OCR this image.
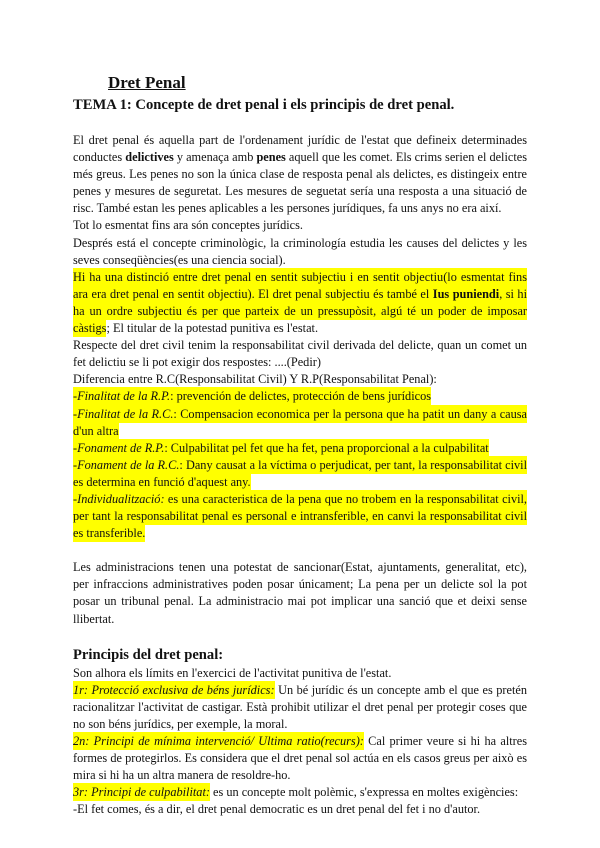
Dret Penal
TEMA 1: Concepte de dret penal i els principis de dret penal.

El dret penal és aquella part de l'ordenament jurídic de l'estat que defineix determinades conductes delictives y amenaça amb penes aquell que les comet. Els crims serien el delictes més greus. Les penes no son la única clase de resposta penal als delictes, es distingeix entre penes y mesures de seguretat. Les mesures de seguetat sería una resposta a una situació de risc. També estan les penes aplicables a les persones jurídiques, fa uns anys no era així.

Tot lo esmentat fins ara són conceptes jurídics.

Després está el concepte criminològic, la criminología estudia les causes del delictes y les seves conseqüències(es una ciencia social).

Hi ha una distinció entre dret penal en sentit subjectiu i en sentit objectiu(lo esmentat fins ara era dret penal en sentit objectiu). El dret penal subjectiu és també el Ius puniendi, si hi ha un ordre subjectiu és per que parteix de un pressupòsit, algú té un poder de imposar càstigs; El titular de la potestad punitiva es l'estat.

Respecte del dret civil tenim la responsabilitat civil derivada del delicte, quan un comet un fet delictiu se li pot exigir dos respostes: ....(Pedir)

Diferencia entre R.C(Responsabilitat Civil) Y R.P(Responsabilitat Penal):

-Finalitat de la R.P.: prevención de delictes, protección de bens jurídicos

-Finalitat de la R.C.: Compensacion economica per la persona que ha patit un dany a causa d'un altra

-Fonament de R.P.: Culpabilitat pel fet que ha fet, pena proporcional a la culpabilitat

-Fonament de la R.C.: Dany causat a la víctima o perjudicat, per tant, la responsabilitat civil es determina en funció d'aquest any.

-Individualització: es una caracteristica de la pena que no trobem en la responsabilitat civil, per tant la responsabilitat penal es personal e intransferible, en canvi la responsabilitat civil es transferible.

Les administracions tenen una potestat de sancionar(Estat, ajuntaments, generalitat, etc), per infraccions administratives poden posar únicament; La pena per un delicte sol la pot posar un tribunal penal. La administracio mai pot implicar una sanció que et deixi sense llibertat.

Principis del dret penal:

Son alhora els límits en l'exercici de l'activitat punitiva de l'estat.

1r: Protecció exclusiva de béns jurídics: Un bé jurídic és un concepte amb el que es pretén racionalitzar l'activitat de castigar. Està prohibit utilizar el dret penal per protegir coses que no son béns jurídics, per exemple, la moral.

2n: Principi de mínima intervenció/ Ultima ratio(recurs): Cal primer veure si hi ha altres formes de protegirlos. Es considera que el dret penal sol actúa en els casos greus per això es mira si hi ha un altra manera de resoldre-ho.

3r: Principi de culpabilitat: es un concepte molt polèmic, s'expressa en moltes exigències:

-El fet comes, és a dir, el dret penal democratic es un dret penal del fet i no d'autor.
